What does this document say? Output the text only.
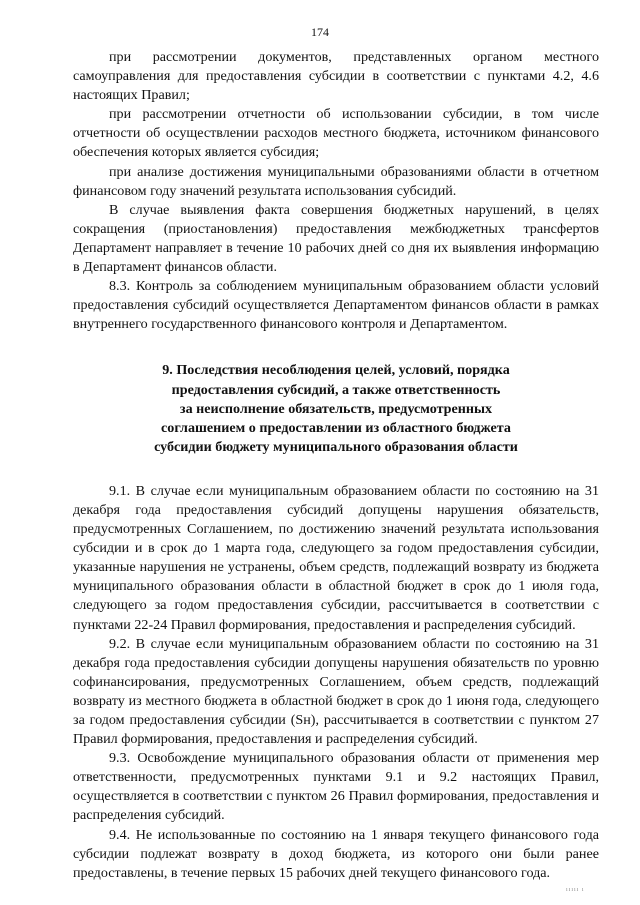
174

при рассмотрении документов, представленных органом местного самоуправления для предоставления субсидии в соответствии с пунктами 4.2, 4.6 настоящих Правил;

при рассмотрении отчетности об использовании субсидии, в том числе отчетности об осуществлении расходов местного бюджета, источником финансового обеспечения которых является субсидия;

при анализе достижения муниципальными образованиями области в отчетном финансовом году значений результата использования субсидий.

В случае выявления факта совершения бюджетных нарушений, в целях сокращения (приостановления) предоставления межбюджетных трансфертов Департамент направляет в течение 10 рабочих дней со дня их выявления информацию в Департамент финансов области.

8.3. Контроль за соблюдением муниципальным образованием области условий предоставления субсидий осуществляется Департаментом финансов области в рамках внутреннего государственного финансового контроля и Департаментом.

9. Последствия несоблюдения целей, условий, порядка
предоставления субсидий, а также ответственность
за неисполнение обязательств, предусмотренных
соглашением о предоставлении из областного бюджета
субсидии бюджету муниципального образования области

9.1. В случае если муниципальным образованием области по состоянию на 31 декабря года предоставления субсидий допущены нарушения обязательств, предусмотренных Соглашением, по достижению значений результата использования субсидии и в срок до 1 марта года, следующего за годом предоставления субсидии, указанные нарушения не устранены, объем средств, подлежащий возврату из бюджета муниципального образования области в областной бюджет в срок до 1 июля года, следующего за годом предоставления субсидии, рассчитывается в соответствии с пунктами 22-24 Правил формирования, предоставления и распределения субсидий.

9.2. В случае если муниципальным образованием области по состоянию на 31 декабря года предоставления субсидии допущены нарушения обязательств по уровню софинансирования, предусмотренных Соглашением, объем средств, подлежащий возврату из местного бюджета в областной бюджет в срок до 1 июня года, следующего за годом предоставления субсидии (Sн), рассчитывается в соответствии с пунктом 27 Правил формирования, предоставления и распределения субсидий.

9.3. Освобождение муниципального образования области от применения мер ответственности, предусмотренных пунктами 9.1 и 9.2 настоящих Правил, осуществляется в соответствии с пунктом 26 Правил формирования, предоставления и распределения субсидий.

9.4. Не использованные по состоянию на 1 января текущего финансового года субсидии подлежат возврату в доход бюджета, из которого они были ранее предоставлены, в течение первых 15 рабочих дней текущего финансового года.

ııııı ı
